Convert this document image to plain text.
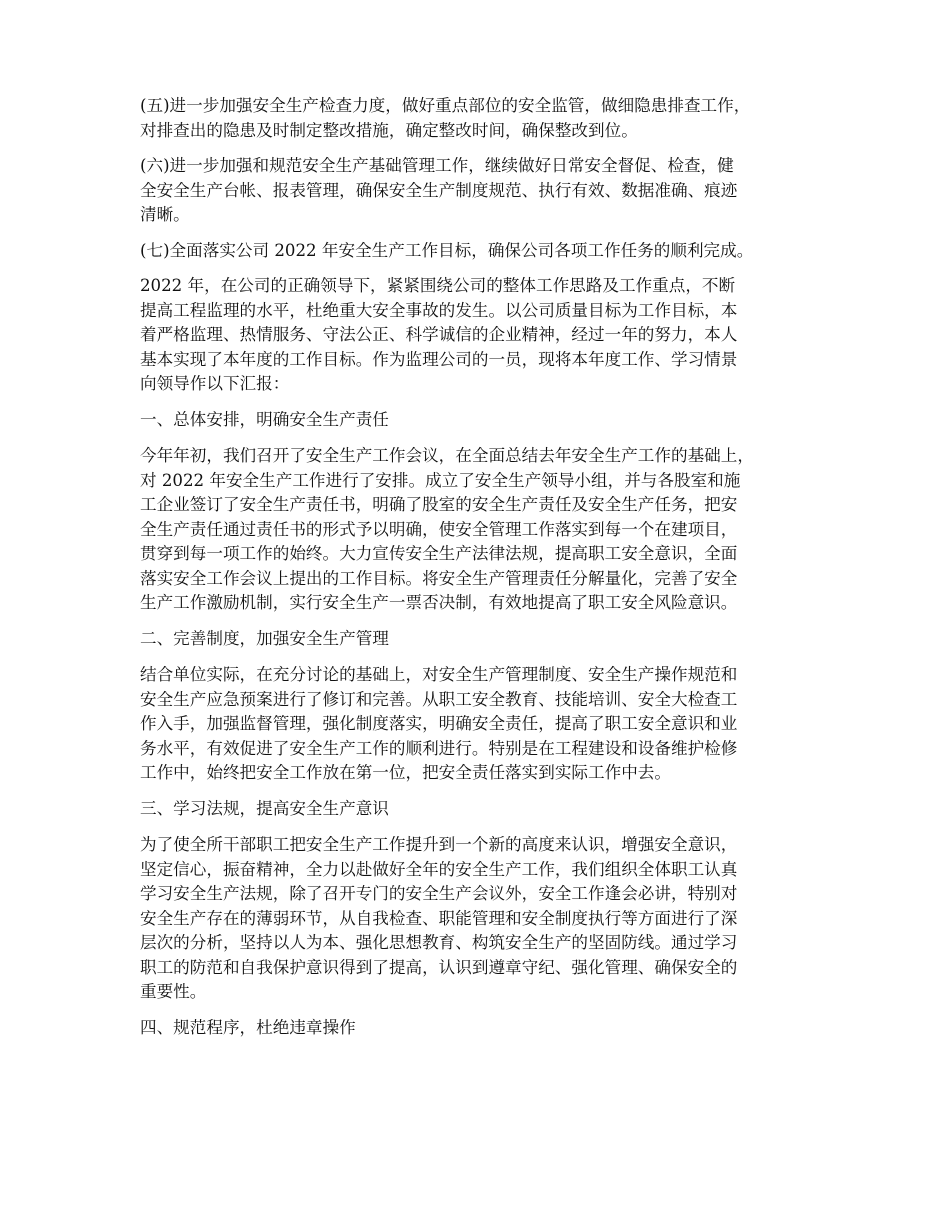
(五)进一步加强安全生产检查力度，做好重点部位的安全监管，做细隐患排查工作，
对排查出的隐患及时制定整改措施，确定整改时间，确保整改到位。

(六)进一步加强和规范安全生产基础管理工作，继续做好日常安全督促、检查，健
全安全生产台帐、报表管理，确保安全生产制度规范、执行有效、数据准确、痕迹
清晰。

(七)全面落实公司 2022 年安全生产工作目标，确保公司各项工作任务的顺利完成。

2022 年，在公司的正确领导下，紧紧围绕公司的整体工作思路及工作重点，不断
提高工程监理的水平，杜绝重大安全事故的发生。以公司质量目标为工作目标，本
着严格监理、热情服务、守法公正、科学诚信的企业精神，经过一年的努力，本人
基本实现了本年度的工作目标。作为监理公司的一员，现将本年度工作、学习情景
向领导作以下汇报：

一、总体安排，明确安全生产责任

今年年初，我们召开了安全生产工作会议，在全面总结去年安全生产工作的基础上，
对 2022 年安全生产工作进行了安排。成立了安全生产领导小组，并与各股室和施
工企业签订了安全生产责任书，明确了股室的安全生产责任及安全生产任务，把安
全生产责任通过责任书的形式予以明确，使安全管理工作落实到每一个在建项目，
贯穿到每一项工作的始终。大力宣传安全生产法律法规，提高职工安全意识，全面
落实安全工作会议上提出的工作目标。将安全生产管理责任分解量化，完善了安全
生产工作激励机制，实行安全生产一票否决制，有效地提高了职工安全风险意识。

二、完善制度，加强安全生产管理

结合单位实际，在充分讨论的基础上，对安全生产管理制度、安全生产操作规范和
安全生产应急预案进行了修订和完善。从职工安全教育、技能培训、安全大检查工
作入手，加强监督管理，强化制度落实，明确安全责任，提高了职工安全意识和业
务水平，有效促进了安全生产工作的顺利进行。特别是在工程建设和设备维护检修
工作中，始终把安全工作放在第一位，把安全责任落实到实际工作中去。

三、学习法规，提高安全生产意识

为了使全所干部职工把安全生产工作提升到一个新的高度来认识，增强安全意识，
坚定信心，振奋精神，全力以赴做好全年的安全生产工作，我们组织全体职工认真
学习安全生产法规，除了召开专门的安全生产会议外，安全工作逢会必讲，特别对
安全生产存在的薄弱环节，从自我检查、职能管理和安全制度执行等方面进行了深
层次的分析，坚持以人为本、强化思想教育、构筑安全生产的坚固防线。通过学习
职工的防范和自我保护意识得到了提高，认识到遵章守纪、强化管理、确保安全的
重要性。

四、规范程序，杜绝违章操作
